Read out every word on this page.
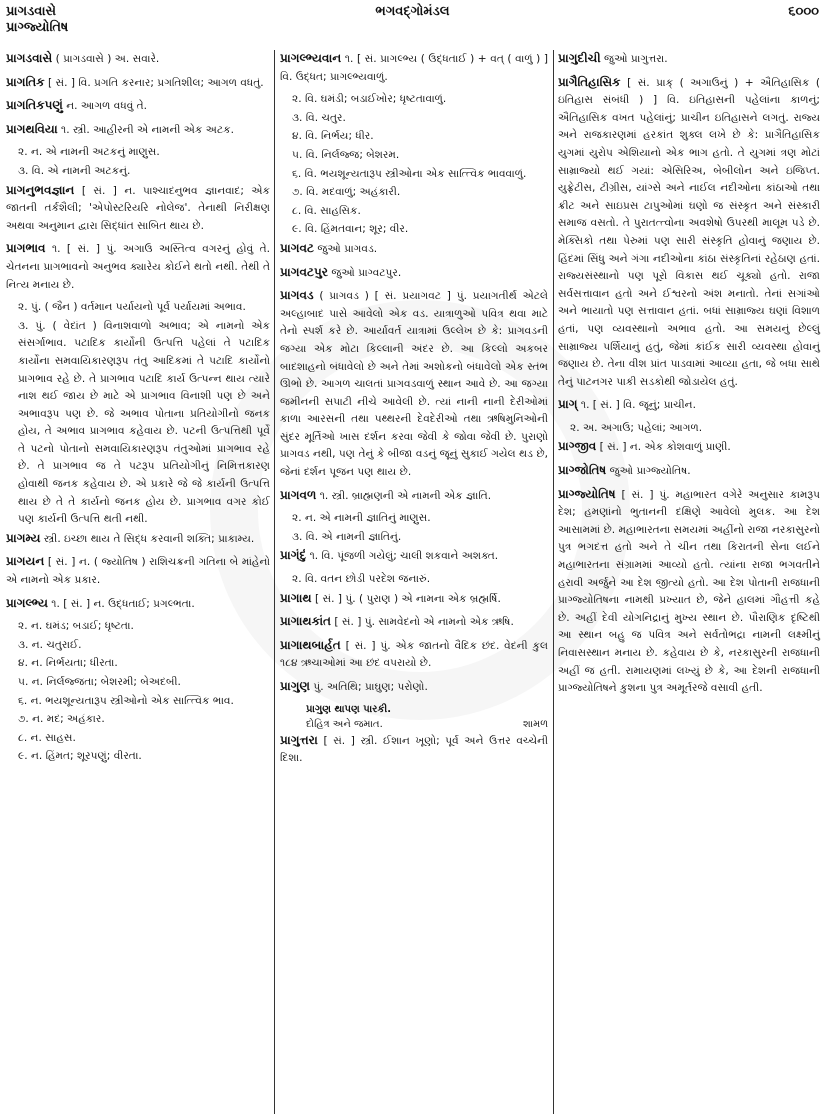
પ્રાગડવાસે
પ્રાગ્જ્યોતિષ
ભગવદ્ગોમંડલ	૬૦૦૦

પ્રાગડવાસે ( પ્રાગડવાસે ) અ. સવારે.

પ્રાગતિક [ સં. ] વિ. પ્રગતિ કરનાર; પ્રગતિશીલ; આગળ વધતું.

પ્રાગતિકપણું ન. આગળ વધવું તે.

પ્રાગથવિયા ૧. સ્ત્રી. આહીરની એ નામની એક અટક.

૨. ન. એ નામની અટકનું માણુસ.

૩. વિ. એ નામની અટકનું.

પ્રાગનુભવજ્ઞાન [ સં. ] ન. પાશ્ચાદનુભવ જ્ઞાનવાદ; એક જાતની તર્કશૈલી; 'એપોસ્ટરિયરિ નોલેજ'. તેનાથી નિરીક્ષણ અથવા અનુમાન દ્વારા સિદ્ધાંત સાબિત થાય છે.

પ્રાગભાવ ૧. [ સં. ] પું. અગાઉ અસ્તિત્વ વગરનું હોવું તે. ચેતનના પ્રાગભાવનો અનુભવ ક્યારેય કોઈને થતો નથી. તેથી તે નિત્ય મનાય છે.

૨. પું. ( જૈન ) વર્તમાન પર્યાયનો પૂર્વ પર્યાયમાં અભાવ.

૩. પું. ( વેદાંત ) વિનાશવાળો અભાવ; એ નામનો એક સંસર્ગાભાવ. પટાદિક કાર્યોની ઉત્પત્તિ પહેલાં તે પટાદિક કાર્યોના સમવાયિકારણરૂપ તંતુ આદિકમાં તે પટાદિ કાર્યોનો પ્રાગભાવ રહે છે. તે પ્રાગભાવ પટાદિ કાર્ય ઉત્પન્ન થાય ત્યારે નાશ થઈ જાય છે માટે એ પ્રાગભાવ વિનાશી પણ છે અને અભાવરૂપ પણ છે. જે અભાવ પોતાના પ્રતિયોગીનો જનક હોય, તે અભાવ પ્રાગભાવ કહેવાય છે. પટની ઉત્પત્તિથી પૂર્વે તે પટનો પોતાનો સમવાયિકારણરૂપ તંતુઓમાં પ્રાગભાવ રહે છે. તે પ્રાગભાવ જ તે પટરૂપ પ્રતિયોગીનું નિમિત્તકારણ હોવાથી જનક કહેવાય છે. એ પ્રકારે જે જે કાર્યની ઉત્પત્તિ થાય છે તે તે કાર્યનો જનક હોય છે. પ્રાગભાવ વગર કોઈ પણ કાર્યની ઉત્પત્તિ થતી નથી.

પ્રાગમ્ય સ્ત્રી. ઇચ્છા થાય તે સિદ્ધ કરવાની શક્તિ; પ્રાકામ્ય.

પ્રાગયન [ સં. ] ન. ( જ્યોતિષ ) રાશિચક્રની ગતિના બે માંહેનો એ નામનો એક પ્રકાર.

પ્રાગલ્ભ્ય ૧. [ સં. ] ન. ઉદ્ધતાઈ; પ્રગલ્ભતા.

૨. ન. ઘમંડ; બડાઈ; ધૃષ્ટતા.

૩. ન. ચતુરાઈ.

૪. ન. નિર્ભયતા; ધીરતા.

૫. ન. નિર્લજ્જતા; બેશરમી; બેઅદબી.

૬. ન. ભયશૂન્યતારૂપ સ્ત્રીઓનો એક સાત્ત્વિક ભાવ.

૭. ન. મદ; અહંકાર.

૮. ન. સાહસ.

૯. ન. હિંમત; શૂરપણું; વીરતા.

પ્રાગલ્ભ્યવાન ૧. [ સં. પ્રાગલ્ભ્ય ( ઉદ્ધતાઈ ) + વત્ ( વાળું ) ] વિ. ઉદ્ધત; પ્રાગલ્ભ્યવાળું.

૨. વિ. ઘમંડી; બડાઈખોર; ધૃષ્ટતાવાળું.

૩. વિ. ચતુર.

૪. વિ. નિર્ભય; ધીર.

૫. વિ. નિર્લજ્જ; બેશરમ.

૬. વિ. ભયશૂન્યતારૂપ સ્ત્રીઓના એક સાત્ત્વિક ભાવવાળું.

૭. વિ. મદવાળું; અહંકારી.

૮. વિ. સાહસિક.

૯. વિ. હિંમતવાન; શૂર; વીર.

પ્રાગવટ જુઓ પ્રાગવડ.

પ્રાગવટપુર જુઓ પ્રાગ્વટપુર.

પ્રાગવડ ( પ્રાગવડ ) [ સં. પ્રયાગવટ ] પું. પ્રયાગતીર્થ એટલે અલ્હાબાદ પાસે આવેલો એક વડ. યાત્રાળુઓ પવિત્ર થવા માટે તેનો સ્પર્શ કરે છે. આર્યાવર્ત યાત્રામાં ઉલ્લેખ છે કે: પ્રાગવડની જગ્યા એક મોટા કિલ્લાની અંદર છે. આ કિલ્લો અકબર બાદશાહનો બંધાવેલો છે અને તેમાં અશોકનો બંધાવેલો એક સ્તંભ ઊભો છે. આગળ ચાલતાં પ્રાગવડવાળું સ્થાન આવે છે. આ જગ્યા જમીનની સપાટી નીચે આવેલી છે. ત્યાં નાની નાની દેરીઓમાં કાળા આરસની તથા પથ્થરની દેવદેરીઓ તથા ઋષિમુનિઓની સુંદર મૂર્તિઓ ખાસ દર્શન કરવા જેવી કે જોવા જેવી છે. પુરાણો પ્રાગવડ નથી, પણ તેનું કે બીજા વડનું જૂનું સુકાઈ ગયેલ થડ છે, જેનાં દર્શન પૂજન પણ થાય છે.

પ્રાગવળ ૧. સ્ત્રી. બ્રાહ્મણની એ નામની એક જ્ઞાતિ.

૨. ન. એ નામની જ્ઞાતિનું માણુસ.

૩. વિ. એ નામની જ્ઞાતિનું.

પ્રાગંદું ૧. વિ. પૂંજળી ગયેલું; ચાલી શકવાને અશક્ત.

૨. વિ. વતન છોડી પરદેશ જનારું.

પ્રાગાથ [ સં. ] પું. ( પુરાણ ) એ નામના એક બ્રહ્મર્ષિ.

પ્રાગાથકાંત [ સં. ] પું. સામવેદનો એ નામનો એક ઋષિ.

પ્રાગાથબાર્હત [ સં. ] પું. એક જાતનો વૈદિક છંદ. વેદની કુલ ૧૮૪ ઋચાઓમાં આ છંદ વપરાયો છે.

પ્રાગુણ પું. અતિથિ; પ્રાઘુણ; પરોણો.

પ્રાગુણ થાપણ પારકી.
દોહિત્ર અને જમાત.	શામળ

પ્રાગુત્તરા [ સં. ] સ્ત્રી. ઈશાન ખૂણો; પૂર્વ અને ઉત્તર વચ્ચેની દિશા.

પ્રાગુદીચી જુઓ પ્રાગુત્તરા.

પ્રાગૈતિહાસિક [ સં. પ્રાક્ ( અગાઉનું ) + ઐતિહાસિક ( ઇતિહાસ સંબંધી ) ] વિ. ઇતિહાસની પહેલાંના કાળનું; ઐતિહાસિક વખત પહેલાંનું; પ્રાચીન ઇતિહાસને લગતું. રાજ્ય અને રાજકારણમાં હરકાંત શુક્લ લખે છે કે: પ્રાગૈતિહાસિક યુગમાં યુરોપ એશિયાનો એક ભાગ હતો. તે યુગમાં ત્રણ મોટાં સામ્રાજ્યો થઈ ગયાં: એસિરિઅ, બેબીલોન અને ઇજિપ્ત. યુફ્રેટીસ, ટીગ્રીસ, યાંગ્સે અને નાઈલ નદીઓના કાંઠાઓ તથા ક્રીટ અને સાઇપ્રસ ટાપુઓમાં ઘણો જ સંસ્કૃત અને સંસ્કારી સમાજ વસતો. તે પુરાતત્ત્વોના અવશેષો ઉપરથી માલૂમ પડે છે. મેક્સિકો તથા પેરુમાં પણ સારી સંસ્કૃતિ હોવાનું જણાય છે. હિંદમાં સિંધુ અને ગંગા નદીઓના કાંઠા સંસ્કૃતિનાં રહેઠાણ હતાં. રાજ્યસંસ્થાનો પણ પૂરો વિકાસ થઈ ચૂક્યો હતો. રાજા સર્વસત્તાવાન હતો અને ઈશ્વરનો અંશ મનાતો. તેનાં સગાંઓ અને ભાયાતો પણ સત્તાવાન હતાં. બધાં સામ્રાજ્ય ઘણાં વિશાળ હતાં, પણ વ્યવસ્થાનો અભાવ હતો. આ સમયનું છેલ્લું સામ્રાજ્ય પર્શિયાનું હતું, જેમાં કાંઈક સારી વ્યવસ્થા હોવાનું જણાય છે. તેના વીશ પ્રાંત પાડવામાં આવ્યા હતા, જે બધા સાથે તેનું પાટનગર પાકી સડકોથી જોડાયેલ હતું.

પ્રાગ્ ૧. [ સં. ] વિ. જૂનું; પ્રાચીન.

૨. અ. અગાઉ; પહેલાં; આગળ.

પ્રાગ્જીવ [ સં. ] ન. એક કોશવાળું પ્રાણી.

પ્રાગ્જોતિષ જુઓ પ્રાગ્જ્યોતિષ.

પ્રાગ્જ્યોતિષ [ સં. ] પું. મહાભારત વગેરે અનુસાર કામરૂપ દેશ; હમણાંનો ભુતાનની દક્ષિણે આવેલો મુલક. આ દેશ આસામમાં છે. મહાભારતના સમયમાં અહીંનો રાજા નરકાસુરનો પુત્ર ભગદત્ત હતો અને તે ચીન તથા કિરાતની સેના લઈને મહાભારતના સંગ્રામમાં આવ્યો હતો. ત્યાંના રાજા ભગવતીને હરાવી અર્જુને આ દેશ જીત્યો હતો. આ દેશ પોતાની રાજધાની પ્રાગ્જ્યોતિષના નામથી પ્રખ્યાત છે, જેને હાલમાં ગૌહત્તી કહે છે. અહીં દેવી યોગનિદ્રાનું મુખ્ય સ્થાન છે. પૌરાણિક દૃષ્ટિથી આ સ્થાન બહુ જ પવિત્ર અને સર્વતોભદ્રા નામની લક્ષ્મીનું નિવાસસ્થાન મનાય છે. કહેવાય છે કે, નરકાસુરની રાજધાની અહીં જ હતી. રામાયણમાં લખ્યું છે કે, આ દેશની રાજધાની પ્રાગ્જ્યોતિષને કુશના પુત્ર અમૂર્તરજે વસાવી હતી.
